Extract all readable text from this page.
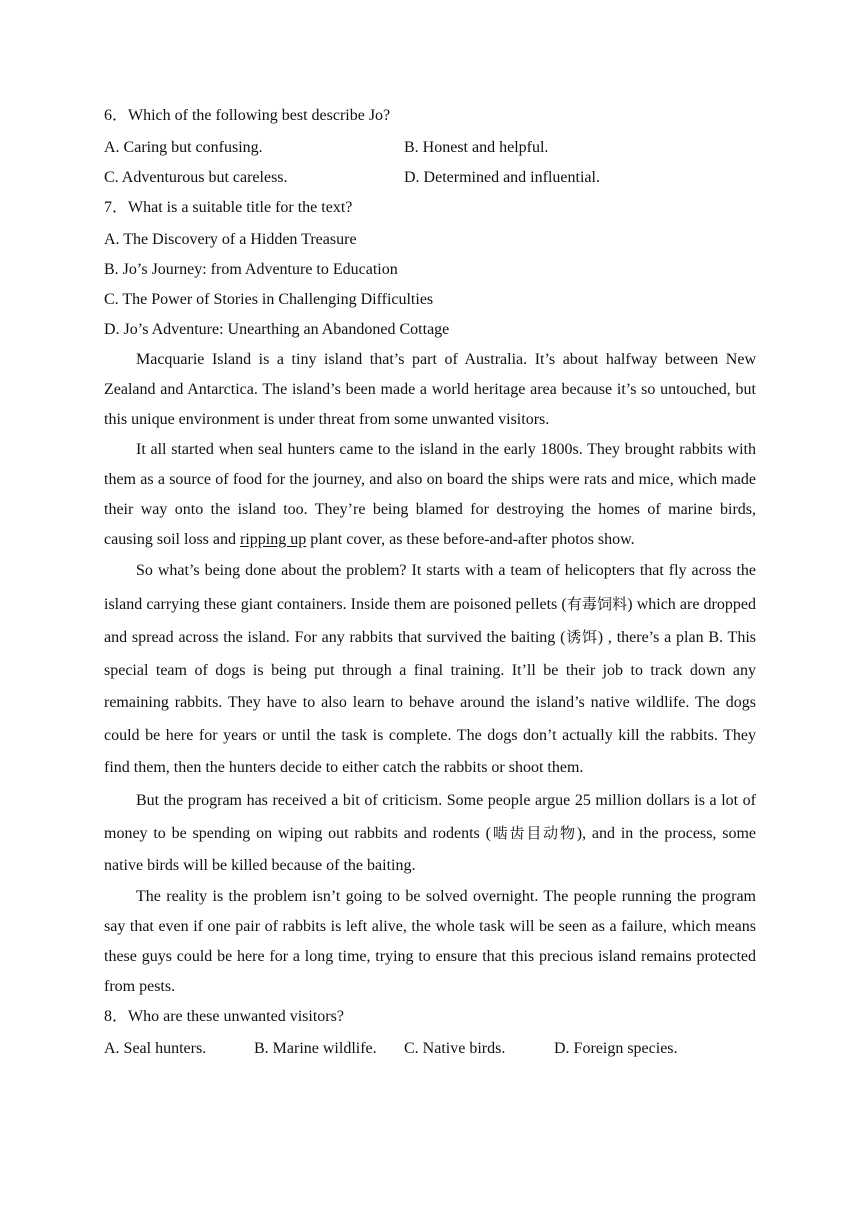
6．Which of the following best describe Jo?
A. Caring but confusing.	B. Honest and helpful.
C. Adventurous but careless.	D. Determined and influential.
7．What is a suitable title for the text?
A. The Discovery of a Hidden Treasure
B. Jo’s Journey: from Adventure to Education
C. The Power of Stories in Challenging Difficulties
D. Jo’s Adventure: Unearthing an Abandoned Cottage

Macquarie Island is a tiny island that’s part of Australia. It’s about halfway between New Zealand and Antarctica. The island’s been made a world heritage area because it’s so untouched, but this unique environment is under threat from some unwanted visitors.

It all started when seal hunters came to the island in the early 1800s. They brought rabbits with them as a source of food for the journey, and also on board the ships were rats and mice, which made their way onto the island too. They’re being blamed for destroying the homes of marine birds, causing soil loss and ripping up plant cover, as these before-and-after photos show.

So what’s being done about the problem? It starts with a team of helicopters that fly across the island carrying these giant containers. Inside them are poisoned pellets (有毒饲料) which are dropped and spread across the island. For any rabbits that survived the baiting (诱饵) , there’s a plan B. This special team of dogs is being put through a final training. It’ll be their job to track down any remaining rabbits. They have to also learn to behave around the island’s native wildlife. The dogs could be here for years or until the task is complete. The dogs don’t actually kill the rabbits. They find them, then the hunters decide to either catch the rabbits or shoot them.

But the program has received a bit of criticism. Some people argue 25 million dollars is a lot of money to be spending on wiping out rabbits and rodents (啮齿目动物), and in the process, some native birds will be killed because of the baiting.

The reality is the problem isn’t going to be solved overnight. The people running the program say that even if one pair of rabbits is left alive, the whole task will be seen as a failure, which means these guys could be here for a long time, trying to ensure that this precious island remains protected from pests.

8．Who are these unwanted visitors?
A. Seal hunters.	B. Marine wildlife. C. Native birds.	D. Foreign species.
